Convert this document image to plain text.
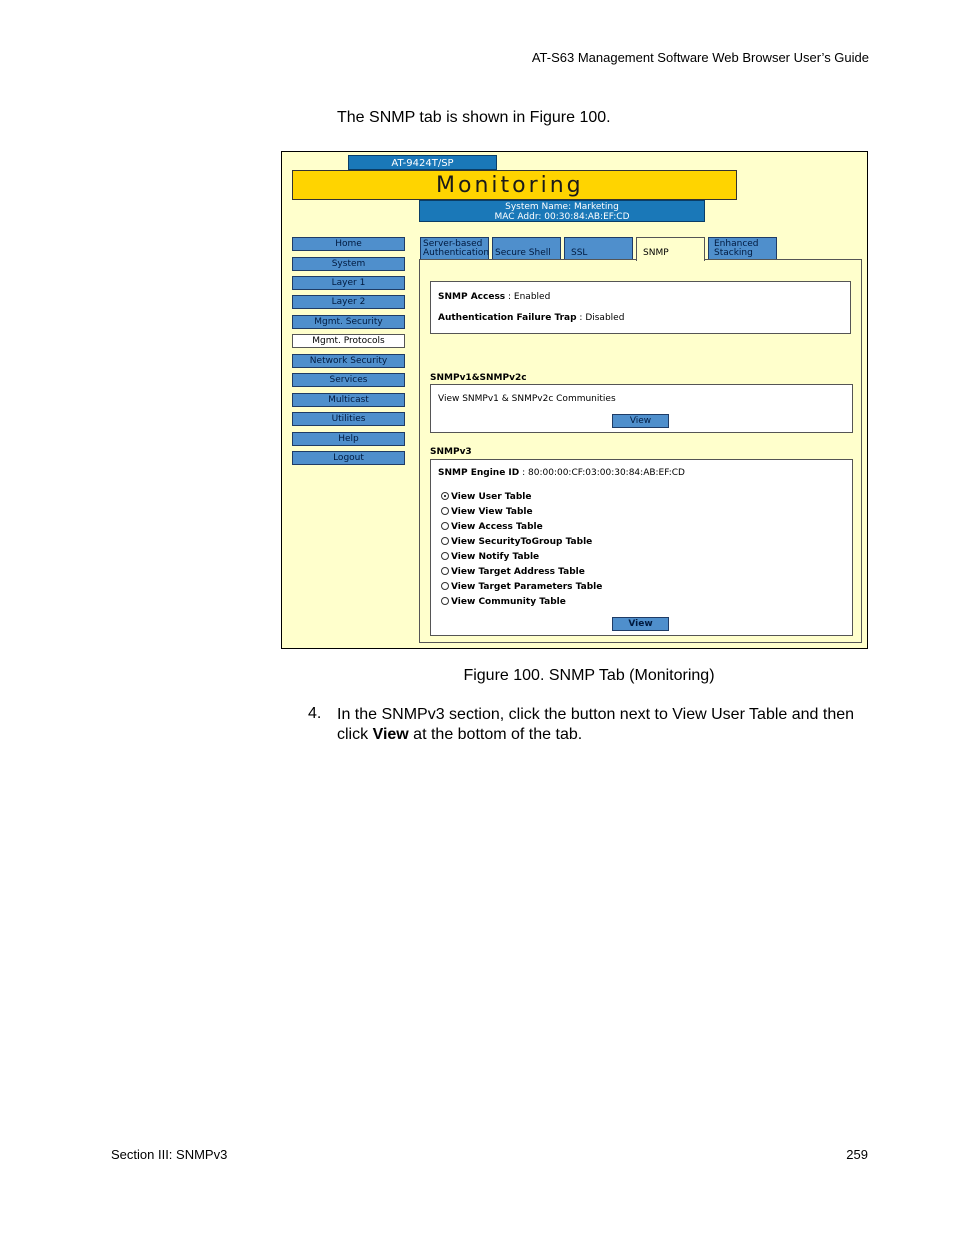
AT-S63 Management Software Web Browser User’s Guide
The SNMP tab is shown in Figure 100.
AT-9424T/SP
Monitoring
System Name: Marketing
MAC Addr: 00:30:84:AB:EF:CD
Home
System
Layer 1
Layer 2
Mgmt. Security
Mgmt. Protocols
Network Security
Services
Multicast
Utilities
Help
Logout
Server-based
Authentication Secure Shell	SSL	SNMP
Enhanced
Stacking
SNMP Access : Enabled
Authentication Failure Trap : Disabled
SNMPv1&SNMPv2c
View SNMPv1 & SNMPv2c Communities
View
SNMPv3
SNMP Engine ID : 80:00:00:CF:03:00:30:84:AB:EF:CD
View User Table
View View Table
View Access Table
View SecurityToGroup Table
View Notify Table
View Target Address Table
View Target Parameters Table
View Community Table
View
Figure 100. SNMP Tab (Monitoring)
4. In the SNMPv3 section, click the button next to View User Table and then click View at the bottom of the tab.
Section III: SNMPv3	259
